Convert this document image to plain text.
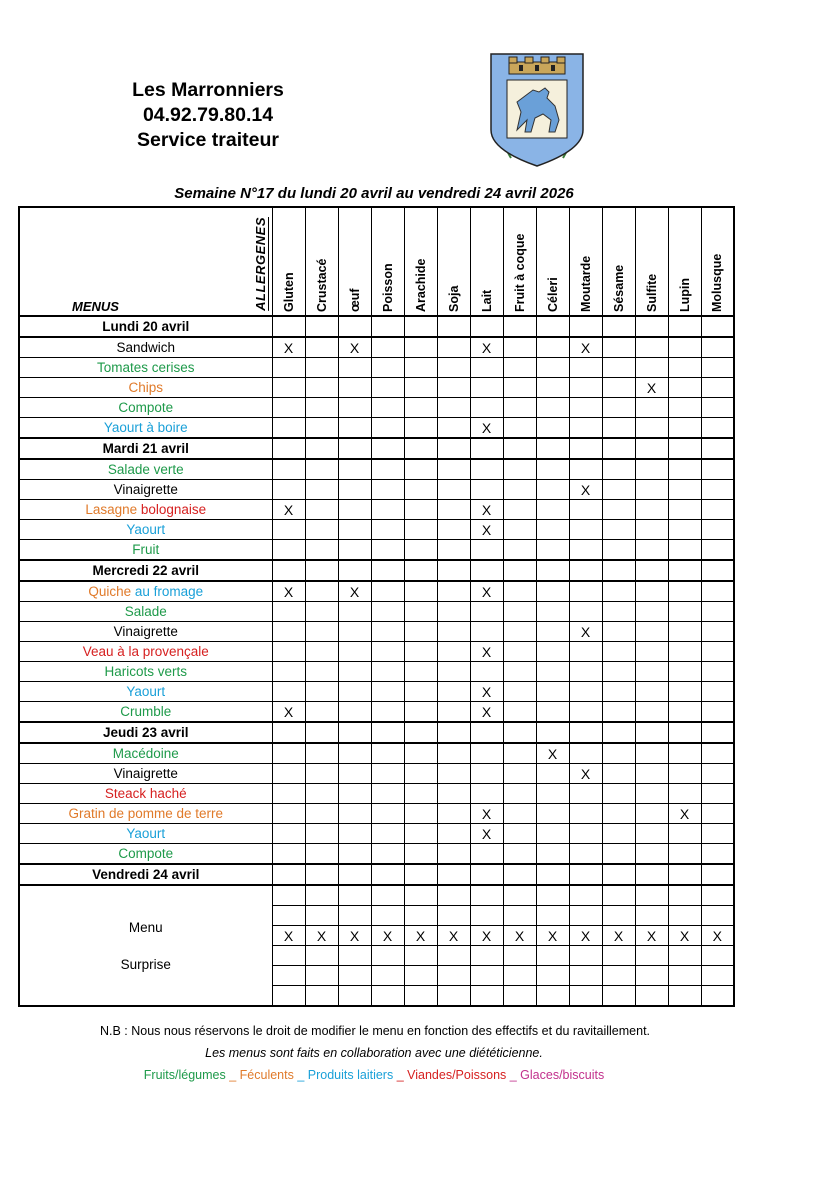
Les Marronniers
04.92.79.80.14
Service traiteur
Semaine N°17 du lundi 20 avril au vendredi 24 avril 2026
MENUS ALLERGENES	Gluten	Crustacé	œuf	Poisson	Arachide	Soja	Lait	Fruit à coque	Céleri	Moutarde	Sésame	Sulfite	Lupin	Molusque
Lundi 20 avril														
Sandwich	X		X				X			X				
Tomates cerises														
Chips												X		
Compote														
Yaourt à boire							X							
Mardi 21 avril														
Salade verte														
Vinaigrette										X				
Lasagne bolognaise	X						X							
Yaourt							X							
Fruit														
Mercredi 22 avril														
Quiche au fromage	X		X				X							
Salade														
Vinaigrette										X				
Veau à la provençale							X							
Haricots verts														
Yaourt							X							
Crumble	X						X							
Jeudi 23 avril														
Macédoine									X					
Vinaigrette										X				
Steack haché														
Gratin de pomme de terre							X						X	
Yaourt							X							
Compote														
Vendredi 24 avril														

Menu
Surprise														

	X	X	X	X	X	X	X	X	X	X	X	X	X	X

N.B : Nous nous réservons le droit de modifier le menu en fonction des effectifs et du ravitaillement.
Les menus sont faits en collaboration avec une diététicienne.
Fruits/légumes _ Féculents _ Produits laitiers _ Viandes/Poissons _ Glaces/biscuits
